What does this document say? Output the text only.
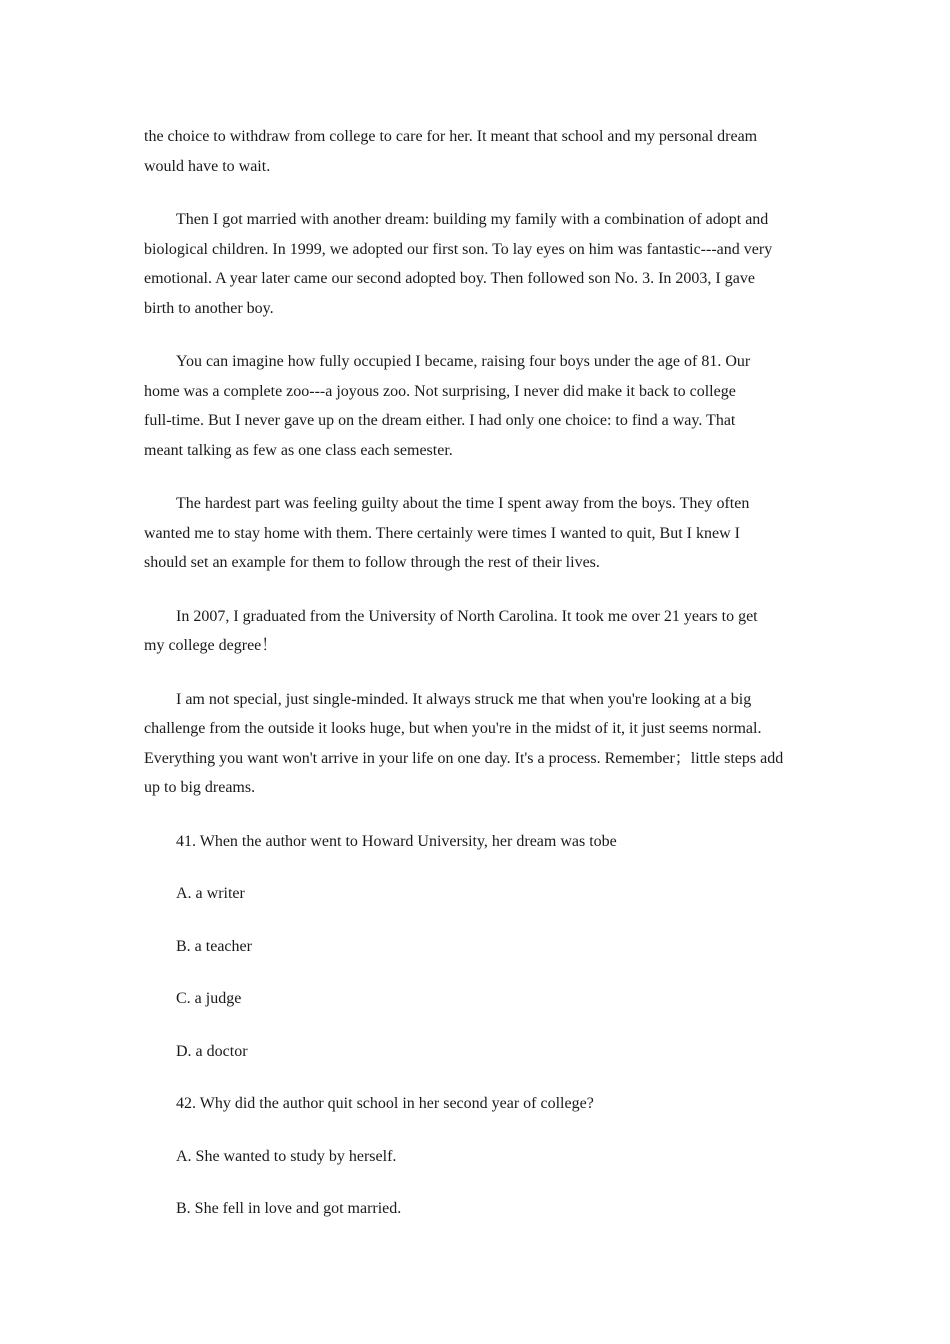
the choice to withdraw from college to care for her. It meant that school and my personal dream
would have to wait.

Then I got married with another dream: building my family with a combination of adopt and
biological children. In 1999, we adopted our first son. To lay eyes on him was fantastic---and very
emotional. A year later came our second adopted boy. Then followed son No. 3. In 2003, I gave
birth to another boy.

You can imagine how fully occupied I became, raising four boys under the age of 81. Our
home was a complete zoo---a joyous zoo. Not surprising, I never did make it back to college
full-time. But I never gave up on the dream either. I had only one choice: to find a way. That
meant talking as few as one class each semester.

The hardest part was feeling guilty about the time I spent away from the boys. They often
wanted me to stay home with them. There certainly were times I wanted to quit, But I knew I
should set an example for them to follow through the rest of their lives.

In 2007, I graduated from the University of North Carolina. It took me over 21 years to get
my college degree！

I am not special, just single-minded. It always struck me that when you're looking at a big
challenge from the outside it looks huge, but when you're in the midst of it, it just seems normal.
Everything you want won't arrive in your life on one day. It's a process. Remember；little steps add
up to big dreams.

41. When the author went to Howard University, her dream was tobe
A. a writer
B. a teacher
C. a judge
D. a doctor
42. Why did the author quit school in her second year of college?
A. She wanted to study by herself.
B. She fell in love and got married.
